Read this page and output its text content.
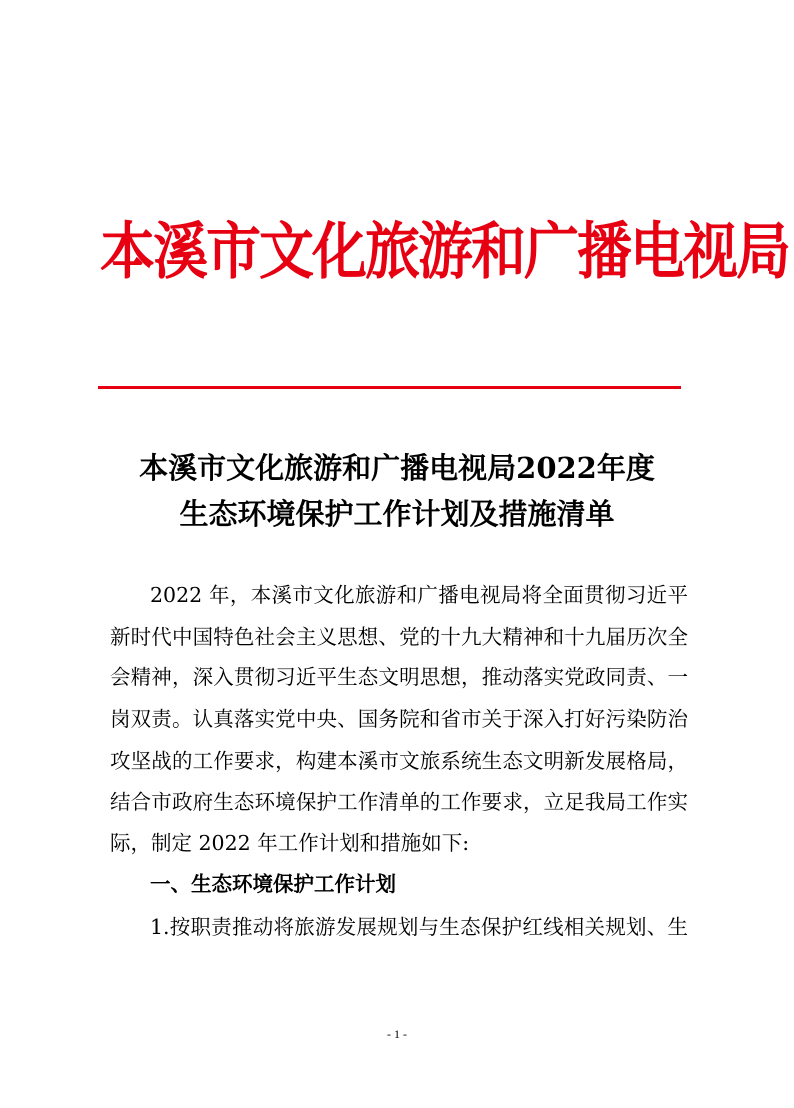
本溪市文化旅游和广播电视局
本溪市文化旅游和广播电视局2022年度
生态环境保护工作计划及措施清单
2022 年，本溪市文化旅游和广播电视局将全面贯彻习近平
新时代中国特色社会主义思想、党的十九大精神和十九届历次全
会精神，深入贯彻习近平生态文明思想，推动落实党政同责、一
岗双责。认真落实党中央、国务院和省市关于深入打好污染防治
攻坚战的工作要求，构建本溪市文旅系统生态文明新发展格局，
结合市政府生态环境保护工作清单的工作要求，立足我局工作实
际，制定 2022 年工作计划和措施如下:
一、生态环境保护工作计划
1.按职责推动将旅游发展规划与生态保护红线相关规划、生
- 1 -
